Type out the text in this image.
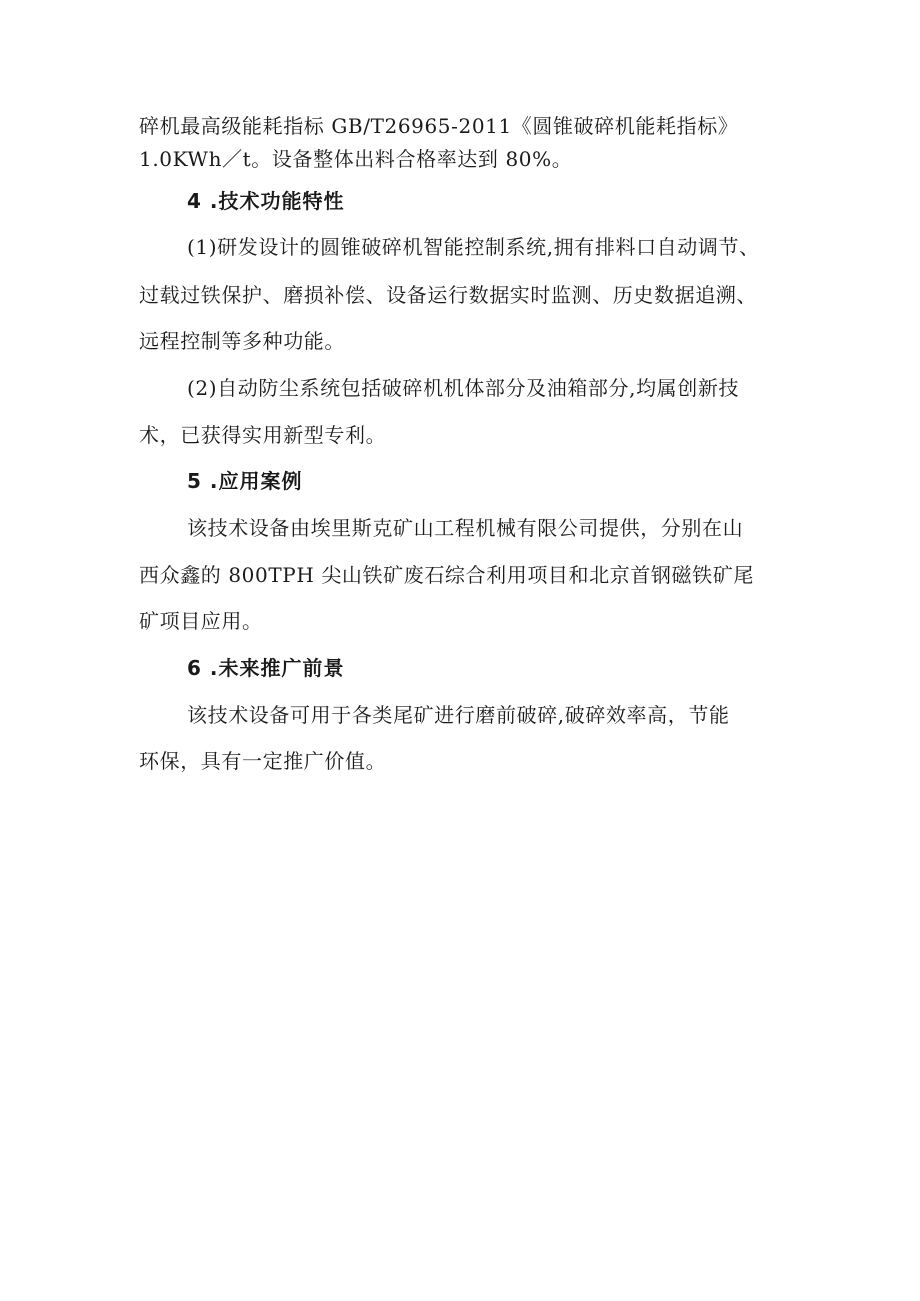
碎机最高级能耗指标 GB/T26965-2011《圆锥破碎机能耗指标》
1.0KWh／t。设备整体出料合格率达到 80%。
4 .技术功能特性
(1)研发设计的圆锥破碎机智能控制系统,拥有排料口自动调节、
过载过铁保护、磨损补偿、设备运行数据实时监测、历史数据追溯、
远程控制等多种功能。
(2)自动防尘系统包括破碎机机体部分及油箱部分,均属创新技
术，已获得实用新型专利。
5 .应用案例
该技术设备由埃里斯克矿山工程机械有限公司提供，分别在山
西众鑫的 800TPH 尖山铁矿废石综合利用项目和北京首钢磁铁矿尾
矿项目应用。
6 .未来推广前景
该技术设备可用于各类尾矿进行磨前破碎,破碎效率高，节能
环保，具有一定推广价值。
